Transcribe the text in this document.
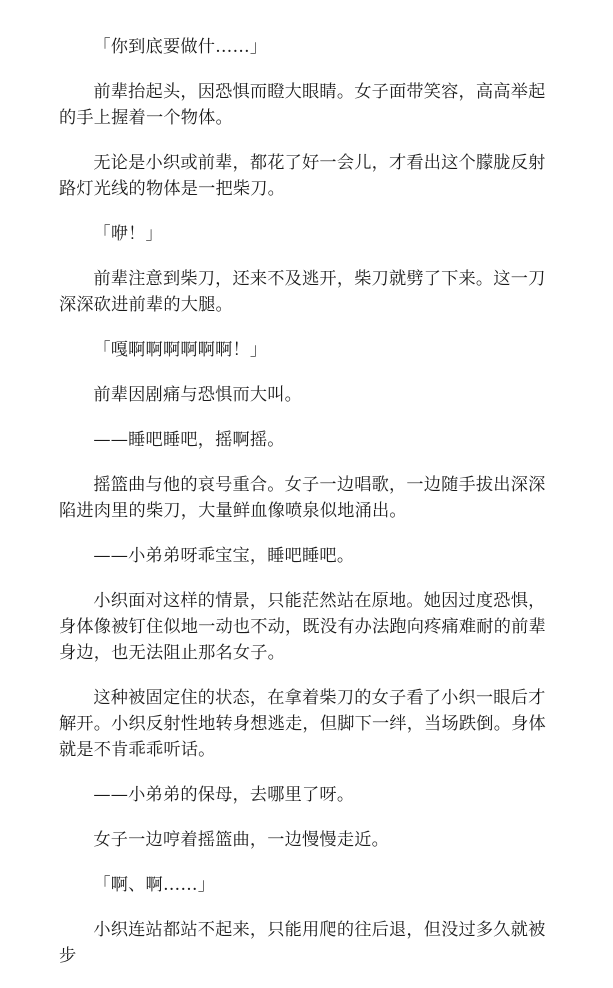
「你到底要做什……」

前辈抬起头，因恐惧而瞪大眼睛。女子面带笑容，高高举起的手上握着一个物体。

无论是小织或前辈，都花了好一会儿，才看出这个朦胧反射路灯光线的物体是一把柴刀。

「咿！」

前辈注意到柴刀，还来不及逃开，柴刀就劈了下来。这一刀深深砍进前辈的大腿。

「嘎啊啊啊啊啊啊！」

前辈因剧痛与恐惧而大叫。

——睡吧睡吧，摇啊摇。

摇篮曲与他的哀号重合。女子一边唱歌，一边随手拔出深深陷进肉里的柴刀，大量鲜血像喷泉似地涌出。

——小弟弟呀乖宝宝，睡吧睡吧。

小织面对这样的情景，只能茫然站在原地。她因过度恐惧，身体像被钉住似地一动也不动，既没有办法跑向疼痛难耐的前辈身边，也无法阻止那名女子。

这种被固定住的状态，在拿着柴刀的女子看了小织一眼后才解开。小织反射性地转身想逃走，但脚下一绊，当场跌倒。身体就是不肯乖乖听话。

——小弟弟的保母，去哪里了呀。

女子一边哼着摇篮曲，一边慢慢走近。

「啊、啊……」

小织连站都站不起来，只能用爬的往后退，但没过多久就被步
